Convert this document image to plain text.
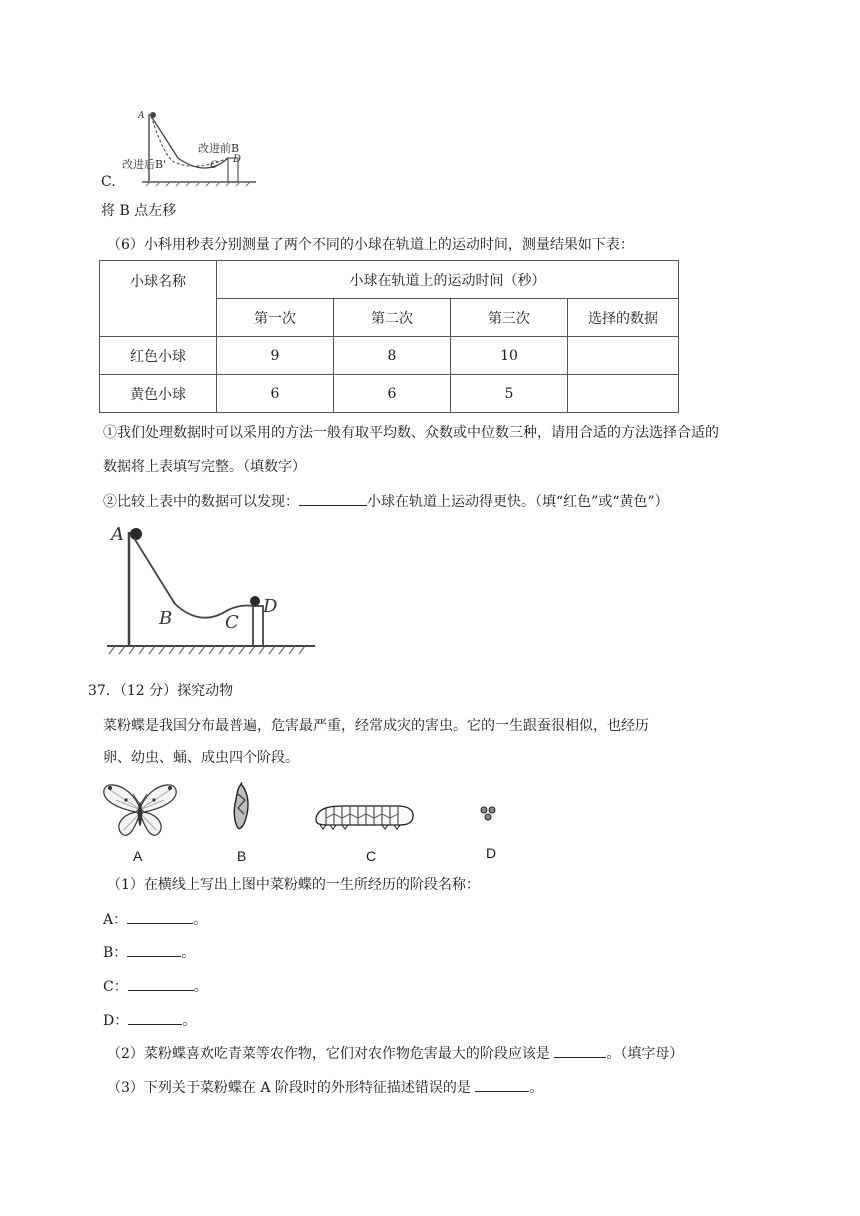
A
改进前B
改进后B'	C
D
C.
将 B 点左移
（6）小科用秒表分别测量了两个不同的小球在轨道上的运动时间，测量结果如下表：
小球名称	小球在轨道上的运动时间（秒）			
	第一次	第二次	第三次	选择的数据
红色小球	9	8	10	
黄色小球	6	6	5	
①我们处理数据时可以采用的方法一般有取平均数、众数或中位数三种，请用合适的方法选择合适的
数据将上表填写完整。（填数字）
②比较上表中的数据可以发现：	小球在轨道上运动得更快。（填“红色”或“黄色”）
A
B	C
D
37．（12 分）探究动物
菜粉蝶是我国分布最普遍，危害最严重，经常成灾的害虫。它的一生跟蚕很相似，也经历
卵、幼虫、蛹、成虫四个阶段。
A	B	C	D
（1）在横线上写出上图中菜粉蝶的一生所经历的阶段名称：
A：	。
B：	。
C：	。
D：	。
（2）菜粉蝶喜欢吃青菜等农作物，它们对农作物危害最大的阶段应该是	。（填字母）
（3）下列关于菜粉蝶在 A 阶段时的外形特征描述错误的是	。
